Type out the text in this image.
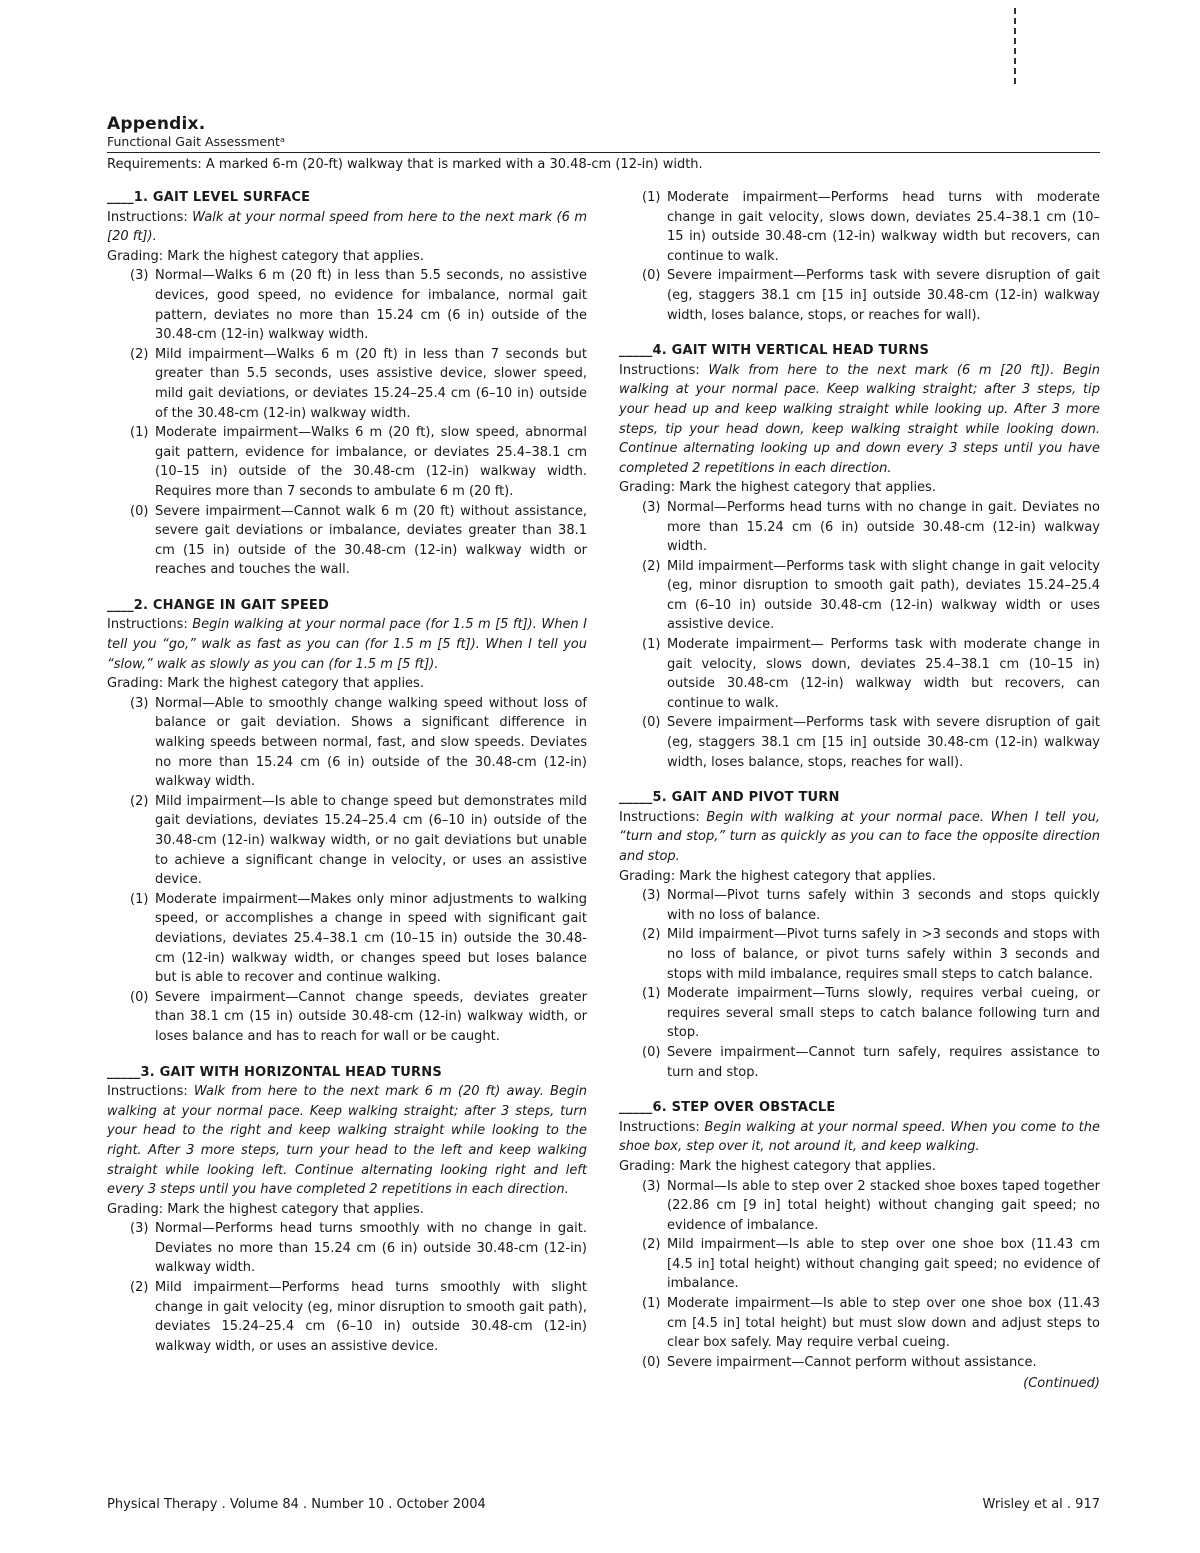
Appendix.
Functional Gait Assessmentᵃ
Requirements: A marked 6-m (20-ft) walkway that is marked with a 30.48-cm (12-in) width.
____1. GAIT LEVEL SURFACE
Instructions: Walk at your normal speed from here to the next mark (6 m [20 ft]).
Grading: Mark the highest category that applies.
(3) Normal—Walks 6 m (20 ft) in less than 5.5 seconds, no assistive devices, good speed, no evidence for imbalance, normal gait pattern, deviates no more than 15.24 cm (6 in) outside of the 30.48-cm (12-in) walkway width.
(2) Mild impairment—Walks 6 m (20 ft) in less than 7 seconds but greater than 5.5 seconds, uses assistive device, slower speed, mild gait deviations, or deviates 15.24–25.4 cm (6–10 in) outside of the 30.48-cm (12-in) walkway width.
(1) Moderate impairment—Walks 6 m (20 ft), slow speed, abnormal gait pattern, evidence for imbalance, or deviates 25.4–38.1 cm (10–15 in) outside of the 30.48-cm (12-in) walkway width. Requires more than 7 seconds to ambulate 6 m (20 ft).
(0) Severe impairment—Cannot walk 6 m (20 ft) without assistance, severe gait deviations or imbalance, deviates greater than 38.1 cm (15 in) outside of the 30.48-cm (12-in) walkway width or reaches and touches the wall.
____2. CHANGE IN GAIT SPEED
Instructions: Begin walking at your normal pace (for 1.5 m [5 ft]). When I tell you “go,” walk as fast as you can (for 1.5 m [5 ft]). When I tell you “slow,” walk as slowly as you can (for 1.5 m [5 ft]).
Grading: Mark the highest category that applies.
(3) Normal—Able to smoothly change walking speed without loss of balance or gait deviation. Shows a significant difference in walking speeds between normal, fast, and slow speeds. Deviates no more than 15.24 cm (6 in) outside of the 30.48-cm (12-in) walkway width.
(2) Mild impairment—Is able to change speed but demonstrates mild gait deviations, deviates 15.24–25.4 cm (6–10 in) outside of the 30.48-cm (12-in) walkway width, or no gait deviations but unable to achieve a significant change in velocity, or uses an assistive device.
(1) Moderate impairment—Makes only minor adjustments to walking speed, or accomplishes a change in speed with significant gait deviations, deviates 25.4–38.1 cm (10–15 in) outside the 30.48-cm (12-in) walkway width, or changes speed but loses balance but is able to recover and continue walking.
(0) Severe impairment—Cannot change speeds, deviates greater than 38.1 cm (15 in) outside 30.48-cm (12-in) walkway width, or loses balance and has to reach for wall or be caught.
_____3. GAIT WITH HORIZONTAL HEAD TURNS
Instructions: Walk from here to the next mark 6 m (20 ft) away. Begin walking at your normal pace. Keep walking straight; after 3 steps, turn your head to the right and keep walking straight while looking to the right. After 3 more steps, turn your head to the left and keep walking straight while looking left. Continue alternating looking right and left every 3 steps until you have completed 2 repetitions in each direction.
Grading: Mark the highest category that applies.
(3) Normal—Performs head turns smoothly with no change in gait. Deviates no more than 15.24 cm (6 in) outside 30.48-cm (12-in) walkway width.
(2) Mild impairment—Performs head turns smoothly with slight change in gait velocity (eg, minor disruption to smooth gait path), deviates 15.24–25.4 cm (6–10 in) outside 30.48-cm (12-in) walkway width, or uses an assistive device.
(1) Moderate impairment—Performs head turns with moderate change in gait velocity, slows down, deviates 25.4–38.1 cm (10–15 in) outside 30.48-cm (12-in) walkway width but recovers, can continue to walk.
(0) Severe impairment—Performs task with severe disruption of gait (eg, staggers 38.1 cm [15 in] outside 30.48-cm (12-in) walkway width, loses balance, stops, or reaches for wall).
_____4. GAIT WITH VERTICAL HEAD TURNS
Instructions: Walk from here to the next mark (6 m [20 ft]). Begin walking at your normal pace. Keep walking straight; after 3 steps, tip your head up and keep walking straight while looking up. After 3 more steps, tip your head down, keep walking straight while looking down. Continue alternating looking up and down every 3 steps until you have completed 2 repetitions in each direction.
Grading: Mark the highest category that applies.
(3) Normal—Performs head turns with no change in gait. Deviates no more than 15.24 cm (6 in) outside 30.48-cm (12-in) walkway width.
(2) Mild impairment—Performs task with slight change in gait velocity (eg, minor disruption to smooth gait path), deviates 15.24–25.4 cm (6–10 in) outside 30.48-cm (12-in) walkway width or uses assistive device.
(1) Moderate impairment— Performs task with moderate change in gait velocity, slows down, deviates 25.4–38.1 cm (10–15 in) outside 30.48-cm (12-in) walkway width but recovers, can continue to walk.
(0) Severe impairment—Performs task with severe disruption of gait (eg, staggers 38.1 cm [15 in] outside 30.48-cm (12-in) walkway width, loses balance, stops, reaches for wall).
_____5. GAIT AND PIVOT TURN
Instructions: Begin with walking at your normal pace. When I tell you, “turn and stop,” turn as quickly as you can to face the opposite direction and stop.
Grading: Mark the highest category that applies.
(3) Normal—Pivot turns safely within 3 seconds and stops quickly with no loss of balance.
(2) Mild impairment—Pivot turns safely in >3 seconds and stops with no loss of balance, or pivot turns safely within 3 seconds and stops with mild imbalance, requires small steps to catch balance.
(1) Moderate impairment—Turns slowly, requires verbal cueing, or requires several small steps to catch balance following turn and stop.
(0) Severe impairment—Cannot turn safely, requires assistance to turn and stop.
_____6. STEP OVER OBSTACLE
Instructions: Begin walking at your normal speed. When you come to the shoe box, step over it, not around it, and keep walking.
Grading: Mark the highest category that applies.
(3) Normal—Is able to step over 2 stacked shoe boxes taped together (22.86 cm [9 in] total height) without changing gait speed; no evidence of imbalance.
(2) Mild impairment—Is able to step over one shoe box (11.43 cm [4.5 in] total height) without changing gait speed; no evidence of imbalance.
(1) Moderate impairment—Is able to step over one shoe box (11.43 cm [4.5 in] total height) but must slow down and adjust steps to clear box safely. May require verbal cueing.
(0) Severe impairment—Cannot perform without assistance.
(Continued)
Physical Therapy . Volume 84 . Number 10 . October 2004	Wrisley et al . 917
